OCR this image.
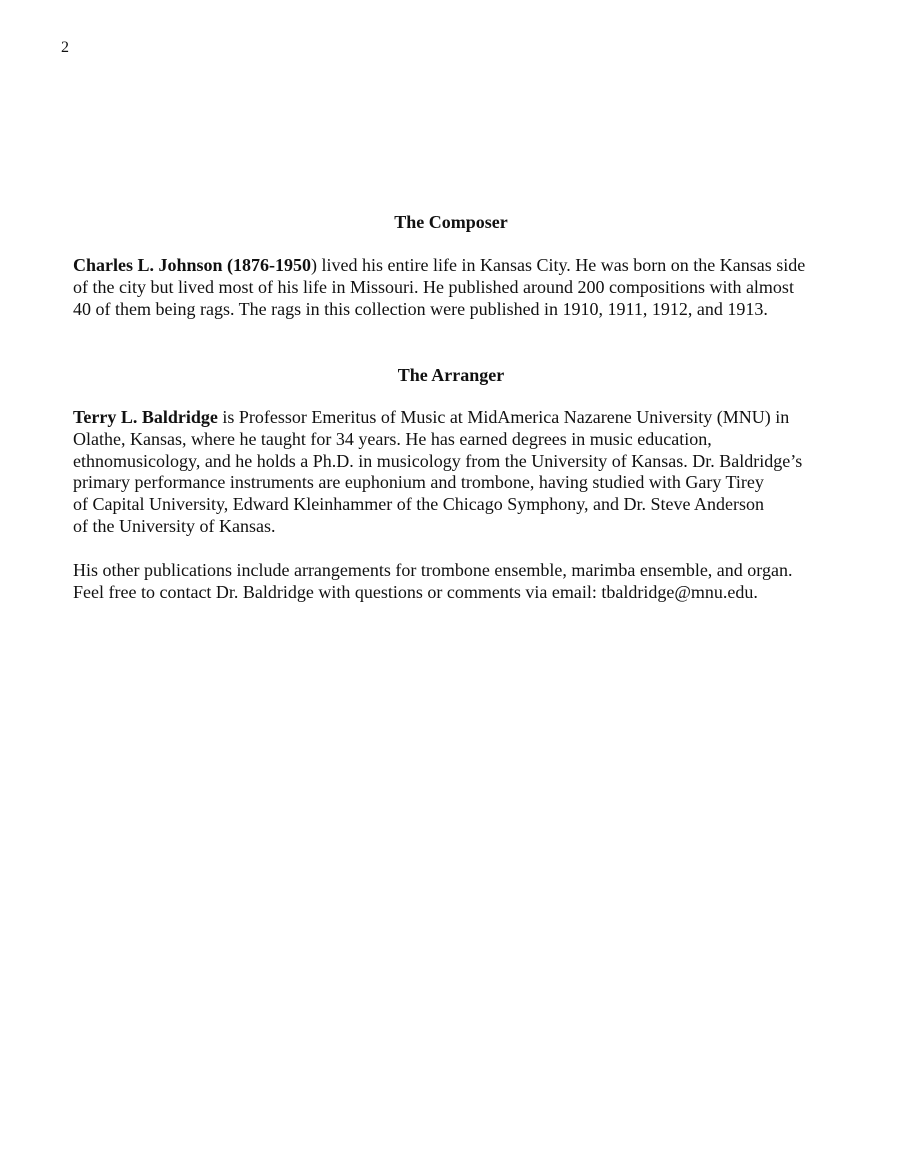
2
The Composer

Charles L. Johnson (1876-1950) lived his entire life in Kansas City. He was born on the Kansas side
of the city but lived most of his life in Missouri. He published around 200 compositions with almost
40 of them being rags. The rags in this collection were published in 1910, 1911, 1912, and 1913.

The Arranger

Terry L. Baldridge is Professor Emeritus of Music at MidAmerica Nazarene University (MNU) in
Olathe, Kansas, where he taught for 34 years. He has earned degrees in music education,
ethnomusicology, and he holds a Ph.D. in musicology from the University of Kansas. Dr. Baldridge’s
primary performance instruments are euphonium and trombone, having studied with Gary Tirey
of Capital University, Edward Kleinhammer of the Chicago Symphony, and Dr. Steve Anderson
of the University of Kansas.

His other publications include arrangements for trombone ensemble, marimba ensemble, and organ.
Feel free to contact Dr. Baldridge with questions or comments via email: tbaldridge@mnu.edu.
